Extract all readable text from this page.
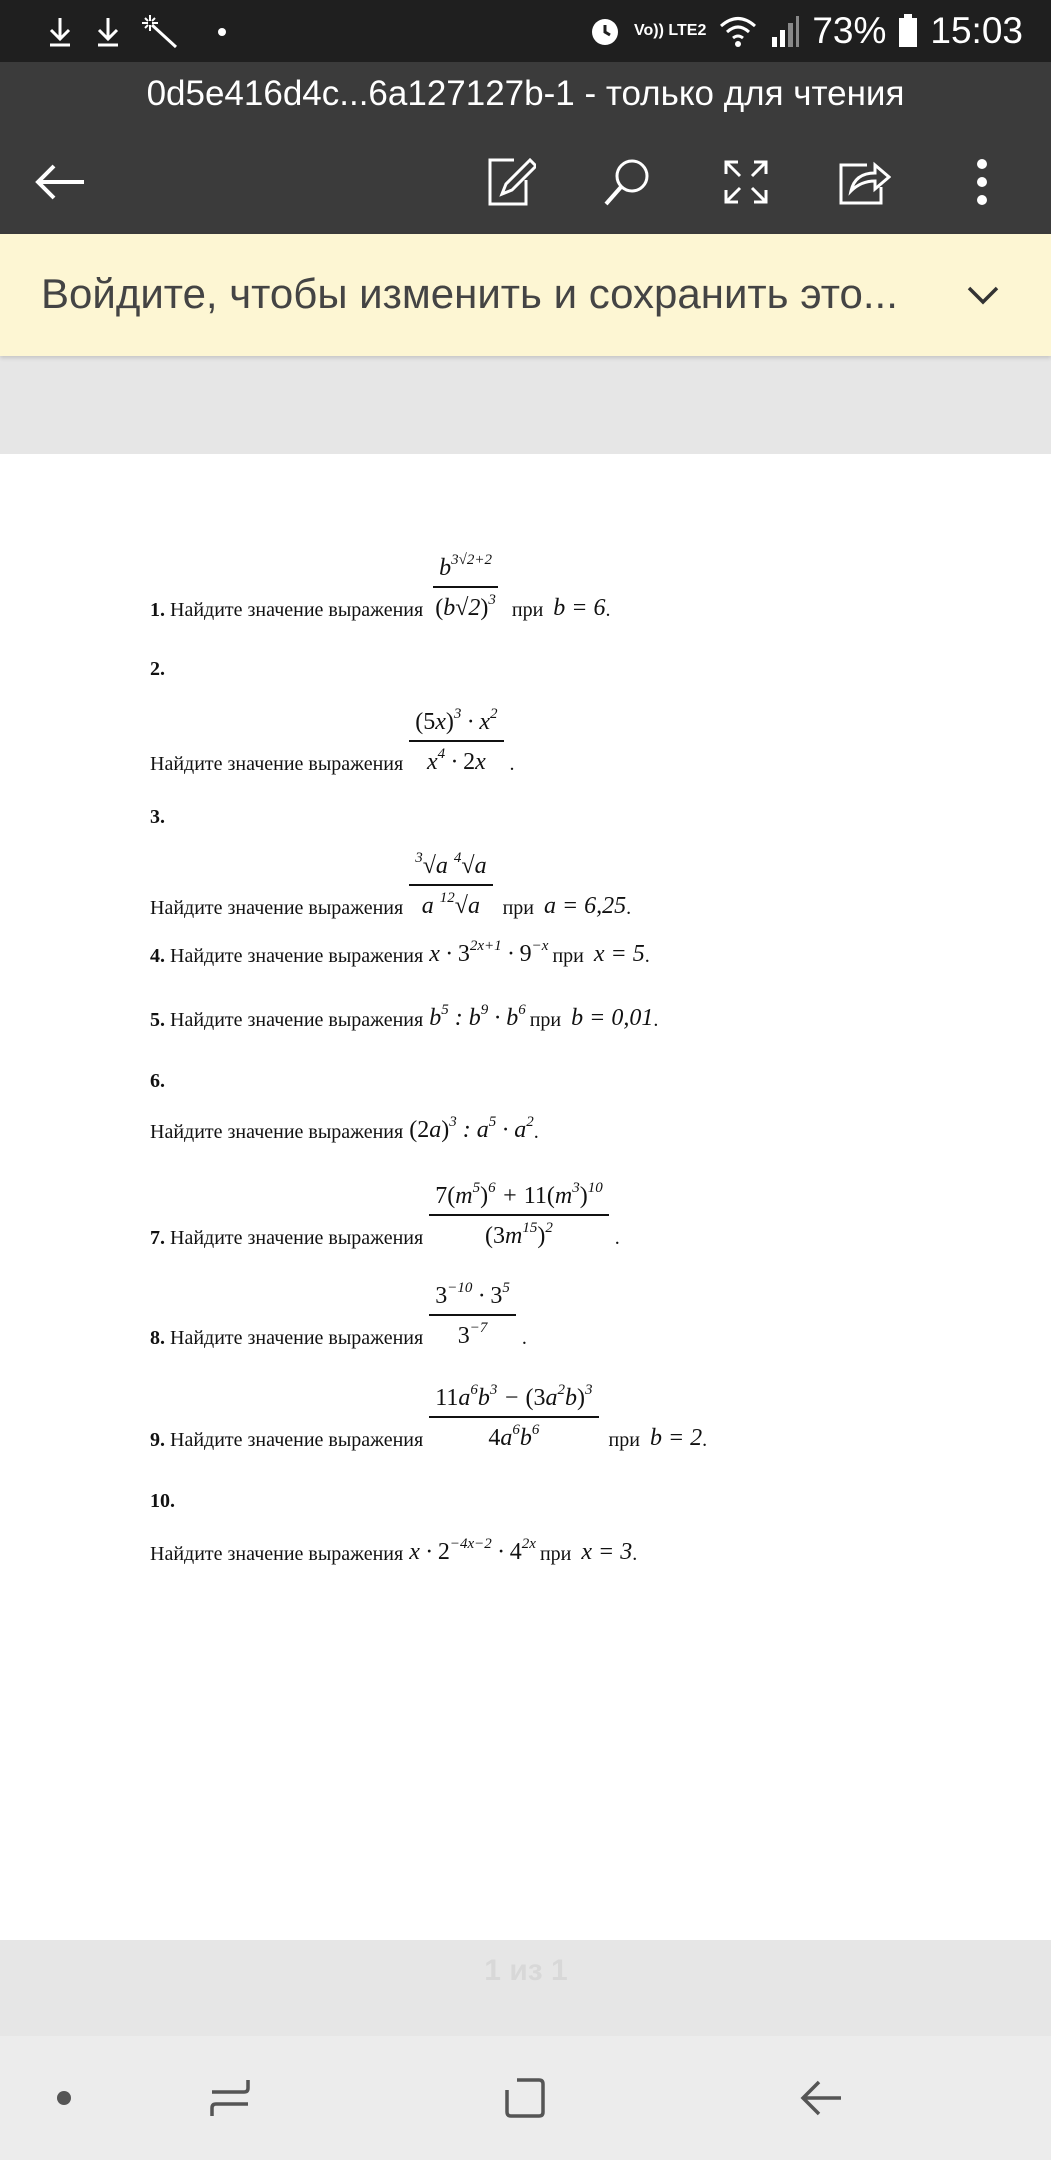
Vo)) LTE2	73% 15:03
0d5e416d4c...6a127127b-1 - только для чтения
Войдите, чтобы изменить и сохранить это...
1. Найдите значение выражения $\frac{b^{3√2+2}}{(b√2)^3}$ при b = 6 .
2.
Найдите значение выражения $\frac{(5x)^3 \cdot x^2}{x^4 \cdot 2x}$ .
3.
Найдите значение выражения $\frac{^3√a ^4√a}{a ^{12}√a}$ при a = 6,25 .
4. Найдите значение выражения $x \cdot 3^{2x+1} \cdot 9^{-x}$ при x = 5 .
5. Найдите значение выражения $b^5$ : $b^9 \cdot b^6$ при b = 0,01 .
6.
Найдите значение выражения $(2a)^3$ : $a^5 \cdot a^2$ .
7. Найдите значение выражения $\frac{7(m^5)^6 + 11(m^3)^{10}}{(3m^{15})^2}$ .
8. Найдите значение выражения $\frac{3^{-10} \cdot 3^5}{3^{-7}}$ .
9. Найдите значение выражения $\frac{11a^6b^3 - (3a^2b)^3}{4a^6b^6}$ при b = 2 .
10.
Найдите значение выражения $x \cdot 2^{-4x-2} \cdot 4^{2x}$ при x = 3 .
1 из 1
